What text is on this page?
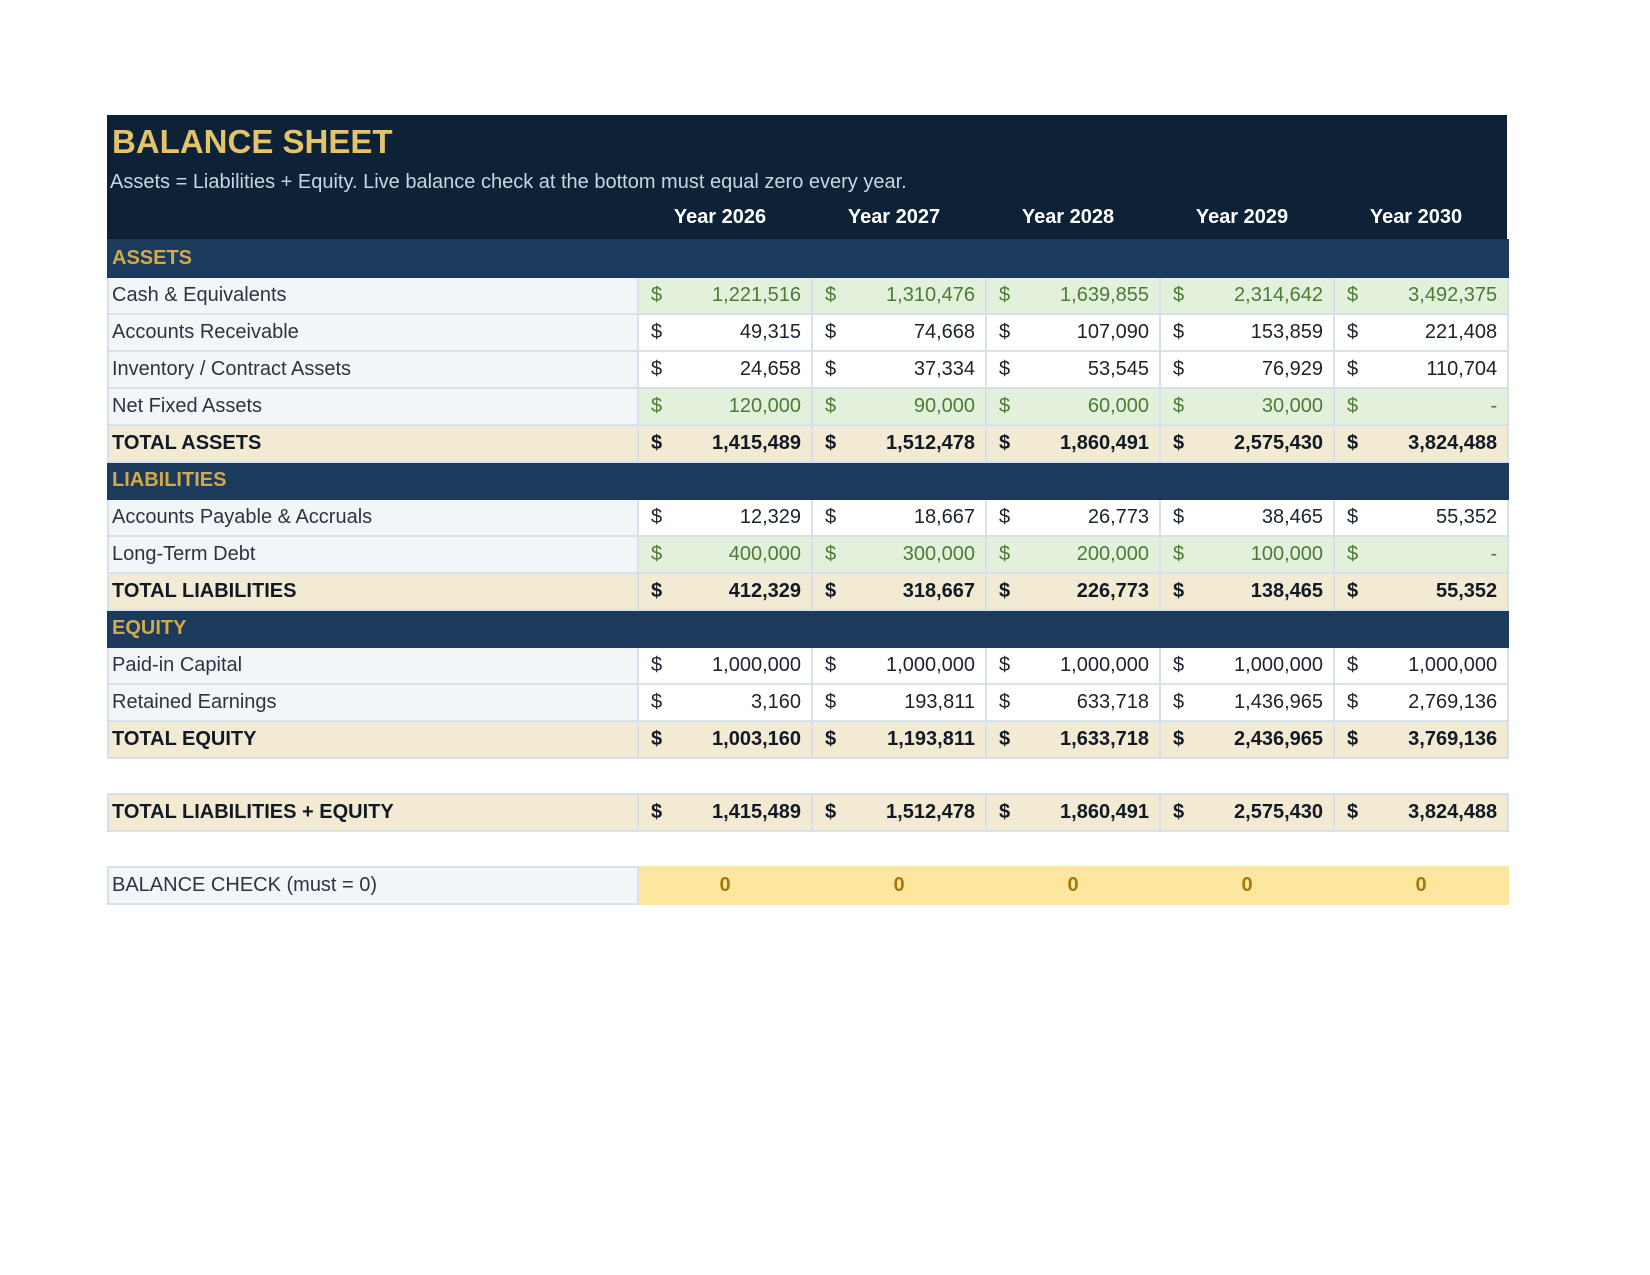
BALANCE SHEET
Assets = Liabilities + Equity. Live balance check at the bottom must equal zero every year.
Year 2026	Year 2027	Year 2028	Year 2029	Year 2030
ASSETS										
Cash & Equivalents	$	1,221,516	$	1,310,476	$	1,639,855	$	2,314,642	$	3,492,375
Accounts Receivable	$	49,315	$	74,668	$	107,090	$	153,859	$	221,408
Inventory / Contract Assets	$	24,658	$	37,334	$	53,545	$	76,929	$	110,704
Net Fixed Assets	$	120,000	$	90,000	$	60,000	$	30,000	$	-
TOTAL ASSETS	$	1,415,489	$	1,512,478	$	1,860,491	$	2,575,430	$	3,824,488
LIABILITIES										
Accounts Payable & Accruals	$	12,329	$	18,667	$	26,773	$	38,465	$	55,352
Long-Term Debt	$	400,000	$	300,000	$	200,000	$	100,000	$	-
TOTAL LIABILITIES	$	412,329	$	318,667	$	226,773	$	138,465	$	55,352
EQUITY										
Paid-in Capital	$	1,000,000	$	1,000,000	$	1,000,000	$	1,000,000	$	1,000,000
Retained Earnings	$	3,160	$	193,811	$	633,718	$	1,436,965	$	2,769,136
TOTAL EQUITY	$	1,003,160	$	1,193,811	$	1,633,718	$	2,436,965	$	3,769,136

TOTAL LIABILITIES + EQUITY	$	1,415,489	$	1,512,478	$	1,860,491	$	2,575,430	$	3,824,488

BALANCE CHECK (must = 0)	0		0		0		0		0	
